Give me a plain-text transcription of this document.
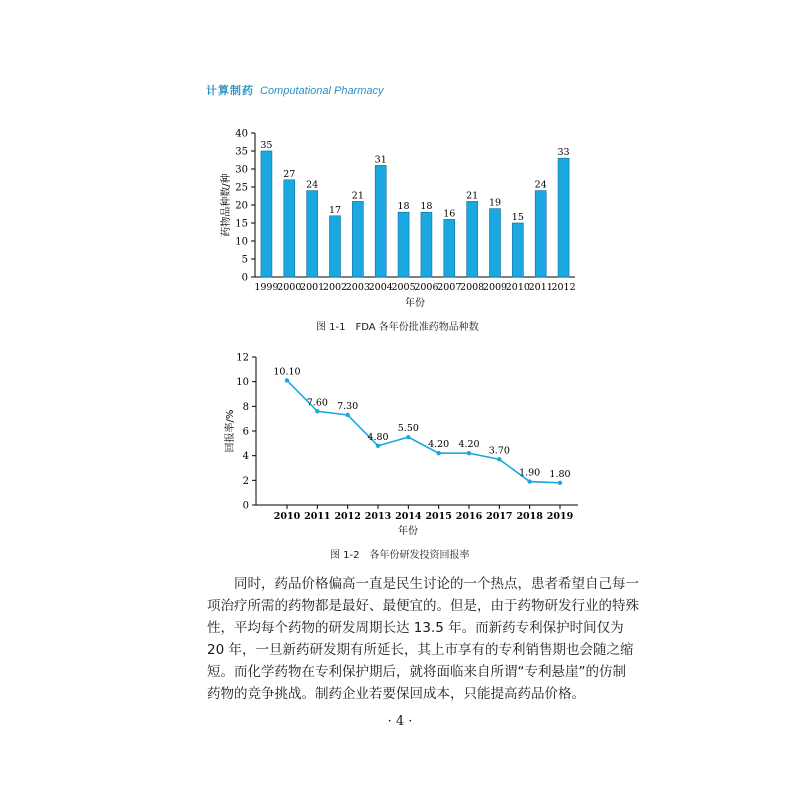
计算制药 Computational Pharmacy
0
5
10
15
20
25
30
35
40
35
1999
27
2000
24
2001
17
2002
21
2003
31
2004
18
2005
18
2006
16
2007
21
2008
19
2009
15
2010
24
2011
33
2012
年份
药物品种数/种
0
2
4
6
8
10
12
2010 2011 2012 2013 2014 2015 2016 2017 2018 2019
10.10
7.60 7.30
4.80
5.50
4.20 4.20
3.70
1.90 1.80
年份
回报率/%
图 1-1　FDA 各年份批准药物品种数
图 1-2　各年份研发投资回报率
同时，药品价格偏高一直是民生讨论的一个热点，患者希望自己每一
项治疗所需的药物都是最好、最便宜的。但是，由于药物研发行业的特殊
性，平均每个药物的研发周期长达 13.5 年。而新药专利保护时间仅为
20 年，一旦新药研发期有所延长，其上市享有的专利销售期也会随之缩
短。而化学药物在专利保护期后，就将面临来自所谓“专利悬崖”的仿制
药物的竞争挑战。制药企业若要保回成本，只能提高药品价格。
· 4 ·
